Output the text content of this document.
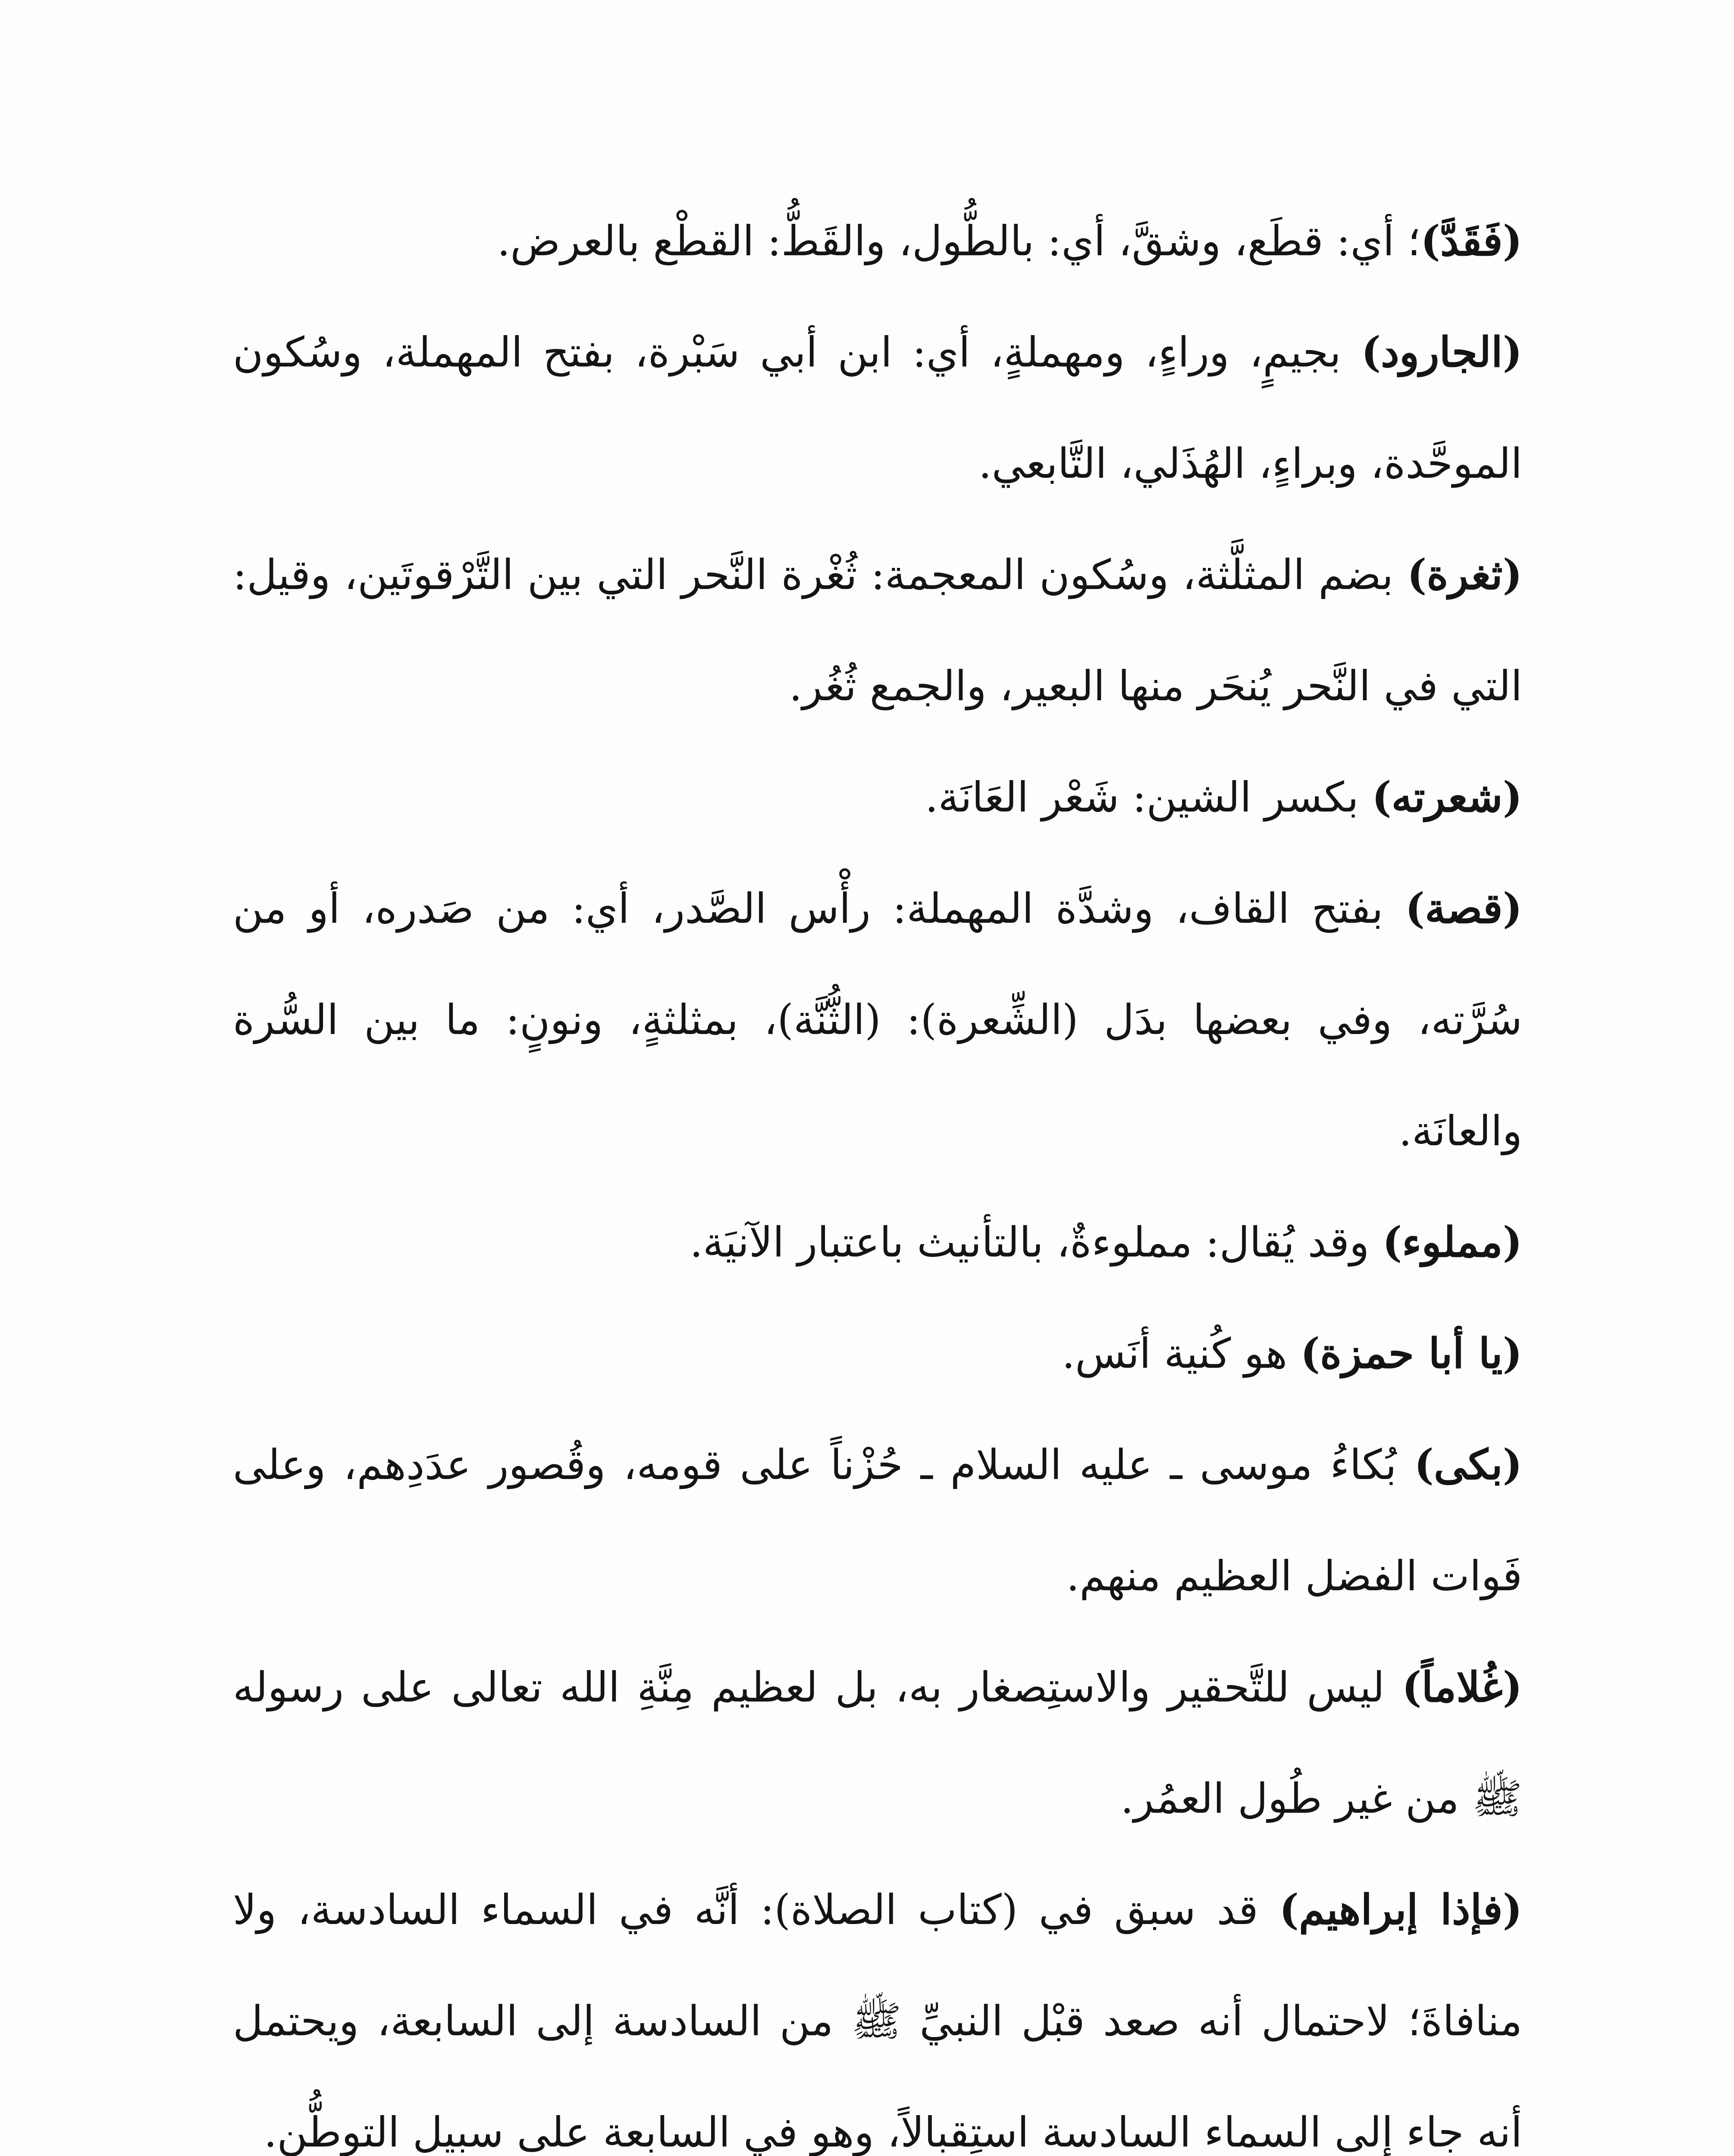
(فَقَدَّ)؛ أي: قطَع، وشقَّ، أي: بالطُّول، والقَطُّ: القطْع بالعرض.

(الجارود) بجيمٍ، وراءٍ، ومهملةٍ، أي: ابن أبي سَبْرة، بفتح المهملة، وسُكون الموحَّدة، وبراءٍ، الهُذَلي، التَّابعي.

(ثغرة) بضم المثلَّثة، وسُكون المعجمة: ثُغْرة النَّحر التي بين التَّرْقوتَين، وقيل: التي في النَّحر يُنحَر منها البعير، والجمع ثُغُر.

(شعرته) بكسر الشين: شَعْر العَانَة.

(قصة) بفتح القاف، وشدَّة المهملة: رأْس الصَّدر، أي: من صَدره، أو من سُرَّته، وفي بعضها بدَل (الشِّعرة): (الثُّنَّة)، بمثلثةٍ، ونونٍ: ما بين السُّرة والعانَة.

(مملوء) وقد يُقال: مملوءةٌ، بالتأنيث باعتبار الآنيَة.

(يا أبا حمزة) هو كُنية أنَس.

(بكى) بُكاءُ موسى ـ عليه السلام ـ حُزْناً على قومه، وقُصور عدَدِهم، وعلى فَوات الفضل العظيم منهم.

(غُلاماً) ليس للتَّحقير والاستِصغار به، بل لعظيم مِنَّةِ الله تعالى على رسوله ﷺ من غير طُول العمُر.

(فإذا إبراهيم) قد سبق في (كتاب الصلاة): أنَّه في السماء السادسة، ولا منافاةَ؛ لاحتمال أنه صعد قبْل النبيِّ ﷺ من السادسة إلى السابعة، ويحتمل أنه جاء إلى السماء السادسة استِقبالاً، وهو في السابعة على سبيل التوطُّن.
